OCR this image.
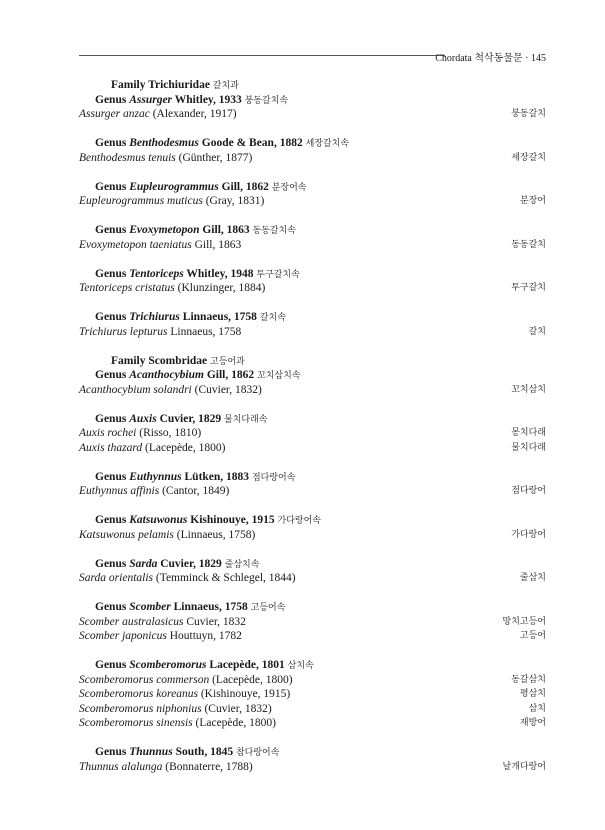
Chordata 척삭동물문 · 145
Family Trichiuridae 갈치과
Genus Assurger Whitley, 1933 붕동갈치속
Assurger anzac (Alexander, 1917)	붕동갈치
Genus Benthodesmus Goode & Bean, 1882 세장갈치속
Benthodesmus tenuis (Günther, 1877)	세장갈치
Genus Eupleurogrammus Gill, 1862 분장어속
Eupleurogrammus muticus (Gray, 1831)	분장어
Genus Evoxymetopon Gill, 1863 동동갈치속
Evoxymetopon taeniatus Gill, 1863	동동갈치
Genus Tentoriceps Whitley, 1948 투구갈치속
Tentoriceps cristatus (Klunzinger, 1884)	투구갈치
Genus Trichiurus Linnaeus, 1758 갈치속
Trichiurus lepturus Linnaeus, 1758	갈치
Family Scombridae 고등어과
Genus Acanthocybium Gill, 1862 꼬치삼치속
Acanthocybium solandri (Cuvier, 1832)	꼬치삼치
Genus Auxis Cuvier, 1829 물치다래속
Auxis rochei (Risso, 1810)	몽치다래
Auxis thazard (Lacepède, 1800)	물치다래
Genus Euthynnus Lütken, 1883 점다랑어속
Euthynnus affinis (Cantor, 1849)	점다랑어
Genus Katsuwonus Kishinouye, 1915 가다랑어속
Katsuwonus pelamis (Linnaeus, 1758)	가다랑어
Genus Sarda Cuvier, 1829 줄삼치속
Sarda orientalis (Temminck & Schlegel, 1844)	줄삼치
Genus Scomber Linnaeus, 1758 고등어속
Scomber australasicus Cuvier, 1832	망치고등어
Scomber japonicus Houttuyn, 1782	고등어
Genus Scomberomorus Lacepède, 1801 삼치속
Scomberomorus commerson (Lacepède, 1800)	동갈삼치
Scomberomorus koreanus (Kishinouye, 1915)	평삼치
Scomberomorus niphonius (Cuvier, 1832)	삼치
Scomberomorus sinensis (Lacepède, 1800)	재방어
Genus Thunnus South, 1845 참다랑어속
Thunnus alalunga (Bonnaterre, 1788)	날개다랑어
